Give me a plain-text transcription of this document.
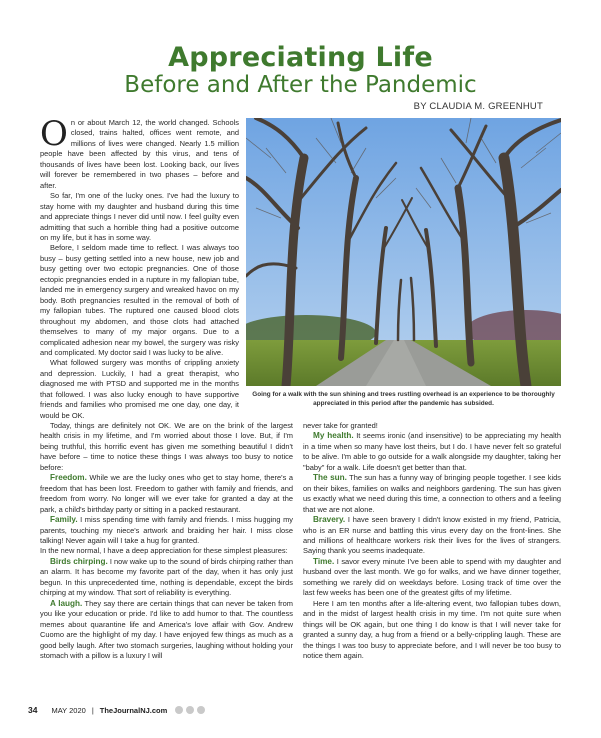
Appreciating Life
Before and After the Pandemic
BY CLAUDIA M. GREENHUT

On or about March 12, the world changed. Schools closed, trains halted, offices went remote, and millions of lives were changed. Nearly 1.5 million people have been affected by this virus, and tens of thousands of lives have been lost. Looking back, our lives will forever be remembered in two phases – before and after.

So far, I'm one of the lucky ones. I've had the luxury to stay home with my daughter and husband during this time and appreciate things I never did until now. I feel guilty even admitting that such a horrible thing had a positive outcome on my life, but it has in some way.

Before, I seldom made time to reflect. I was always too busy – busy getting settled into a new house, new job and busy getting over two ectopic pregnancies. One of those ectopic pregnancies ended in a rupture in my fallopian tube, landed me in emergency surgery and wreaked havoc on my body. Both pregnancies resulted in the removal of both of my fallopian tubes. The ruptured one caused blood clots throughout my abdomen, and those clots had attached themselves to many of my major organs. Due to a complicated adhesion near my bowel, the surgery was risky and complicated. My doctor said I was lucky to be alive.

What followed surgery was months of crippling anxiety and depression. Luckily, I had a great therapist, who diagnosed me with PTSD and supported me in the months that followed. I was also lucky enough to have supportive friends and families who promised me one day, one day, it would be OK.

Going for a walk with the sun shining and trees rustling overhead is an experience to be thoroughly appreciated in this period after the pandemic has subsided.

Today, things are definitely not OK. We are on the brink of the largest health crisis in my lifetime, and I'm worried about those I love. But, if I'm being truthful, this horrific event has given me something beautiful I didn't have before – time to notice these things I was always too busy to notice before:

Freedom. While we are the lucky ones who get to stay home, there's a freedom that has been lost. Freedom to gather with family and friends, and freedom from worry. No longer will we ever take for granted a day at the park, a child's birthday party or sitting in a packed restaurant.

Family. I miss spending time with family and friends. I miss hugging my parents, touching my niece's artwork and braiding her hair. I miss close talking! Never again will I take a hug for granted.

In the new normal, I have a deep appreciation for these simplest pleasures:

Birds chirping. I now wake up to the sound of birds chirping rather than an alarm. It has become my favorite part of the day, when it has only just begun. In this unprecedented time, nothing is dependable, except the birds chirping at my window. That sort of reliability is everything.

A laugh. They say there are certain things that can never be taken from you like your education or pride. I'd like to add humor to that. The countless memes about quarantine life and America's love affair with Gov. Andrew Cuomo are the highlight of my day. I have enjoyed few things as much as a good belly laugh. After two stomach surgeries, laughing without holding your stomach with a pillow is a luxury I will

never take for granted!

My health. It seems ironic (and insensitive) to be appreciating my health in a time when so many have lost theirs, but I do. I have never felt so grateful to be alive. I'm able to go outside for a walk alongside my daughter, taking her "baby" for a walk. Life doesn't get better than that.

The sun. The sun has a funny way of bringing people together. I see kids on their bikes, families on walks and neighbors gardening. The sun has given us exactly what we need during this time, a connection to others and a feeling that we are not alone.

Bravery. I have seen bravery I didn't know existed in my friend, Patricia, who is an ER nurse and battling this virus every day on the front-lines. She and millions of healthcare workers risk their lives for the lives of strangers. Saying thank you seems inadequate.

Time. I savor every minute I've been able to spend with my daughter and husband over the last month. We go for walks, and we have dinner together, something we rarely did on weekdays before. Losing track of time over the last few weeks has been one of the greatest gifts of my lifetime.

Here I am ten months after a life-altering event, two fallopian tubes down, and in the midst of largest health crisis in my time. I'm not quite sure when things will be OK again, but one thing I do know is that I will never take for granted a sunny day, a hug from a friend or a belly-crippling laugh. These are the things I was too busy to appreciate before, and I will never be too busy to notice them again.

34 MAY 2020 | TheJournalNJ.com
